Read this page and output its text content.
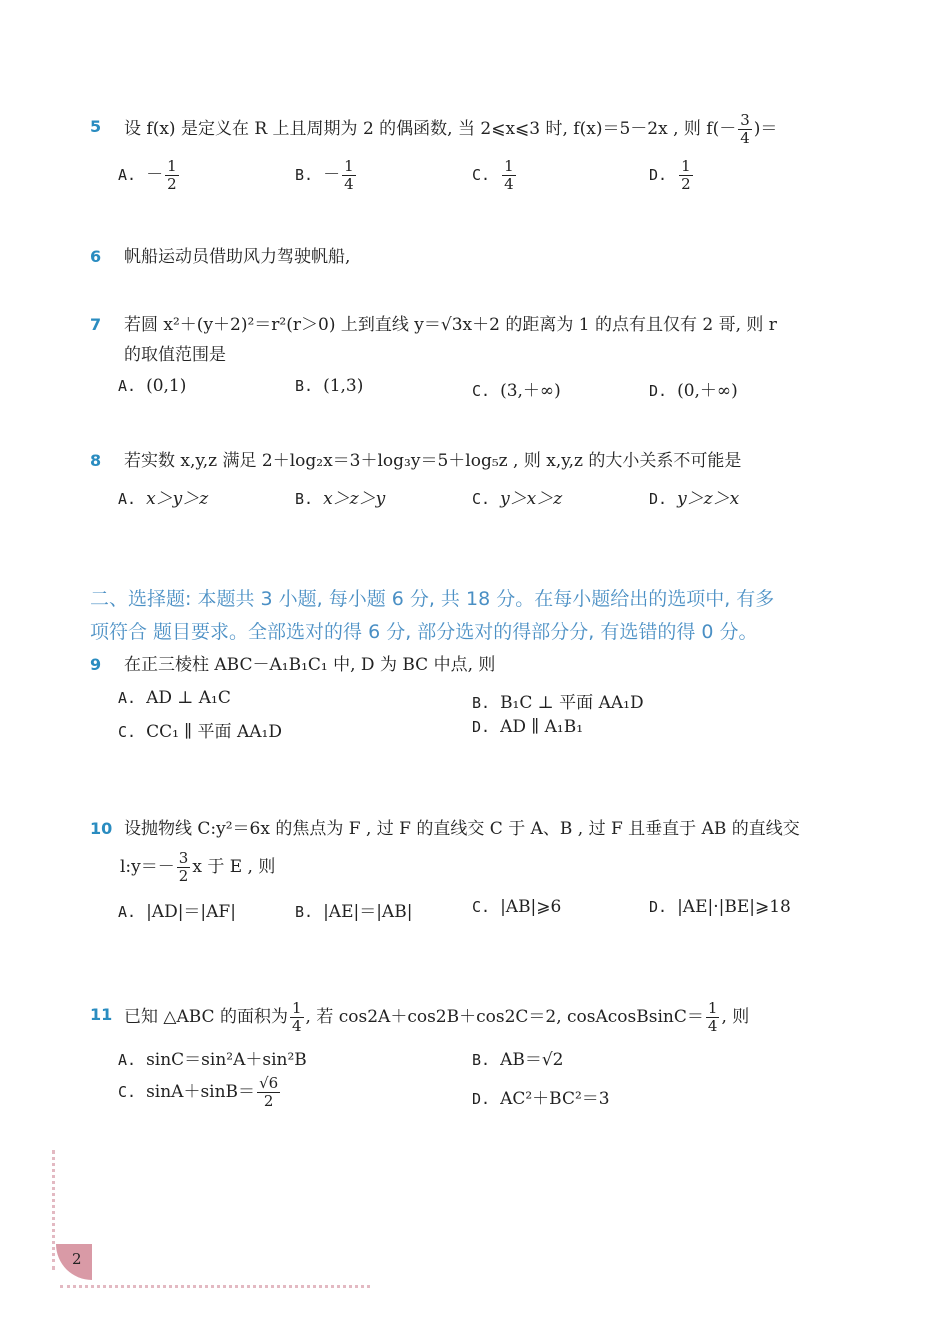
5 设 f(x) 是定义在 R 上且周期为 2 的偶函数, 当 2⩽x⩽3 时, f(x)＝5－2x , 则 $f(- \frac{3}{4}$ )＝
A. － $\frac{1}{2}$	B. － $\frac{1}{4}$	C. $\frac{1}{4}$	D. $\frac{1}{2}$
6 帆船运动员借助风力驾驶帆船,
7 若圆 x²＋(y＋2)²＝r²(r＞0) 上到直线 y＝√3x＋2 的距离为 1 的点有且仅有 2 哥, 则 r
的取值范围是
A. (0,1)	B. (1,3)	C. (3,＋∞)	D. (0,＋∞)
8 若实数 x,y,z 满足 2＋log₂x＝3＋log₃y＝5＋log₅z , 则 x,y,z 的大小关系不可能是
A. x＞y＞z	B. x＞z＞y	C. y＞x＞z	D. y＞z＞x
二、选择题: 本题共 3 小题, 每小题 6 分, 共 18 分。在每小题给出的选项中, 有多
项符合 题目要求。全部选对的得 6 分, 部分选对的得部分分, 有选错的得 0 分。
9 在正三棱柱 ABC－A₁B₁C₁ 中, D 为 BC 中点, 则
A. AD ⊥ A₁C	B. B₁C ⊥ 平面 AA₁D
C. CC₁ ∥ 平面 AA₁D	D. AD ∥ A₁B₁
10 设抛物线 C:y²＝6x 的焦点为 F , 过 F 的直线交 C 于 A、B , 过 F 且垂直于 AB 的直线交
l:y＝－ $\frac{3}{2}$ x 于 E , 则
A. |AD|＝|AF|	B. |AE|＝|AB|	C. |AB|⩾6	D. |AE|·|BE|⩾18
11 已知 △ABC 的面积为 $\frac{1}{4}$ , 若 cos2A＋cos2B＋cos2C＝2, cosAcosBsinC＝ $\frac{1}{4}$ , 则
A. sinC＝sin²A＋sin²B	B. AB＝√2
C. $\sin A+\sin B= \frac{√6}{2}$	D. AC²＋BC²＝3
2
